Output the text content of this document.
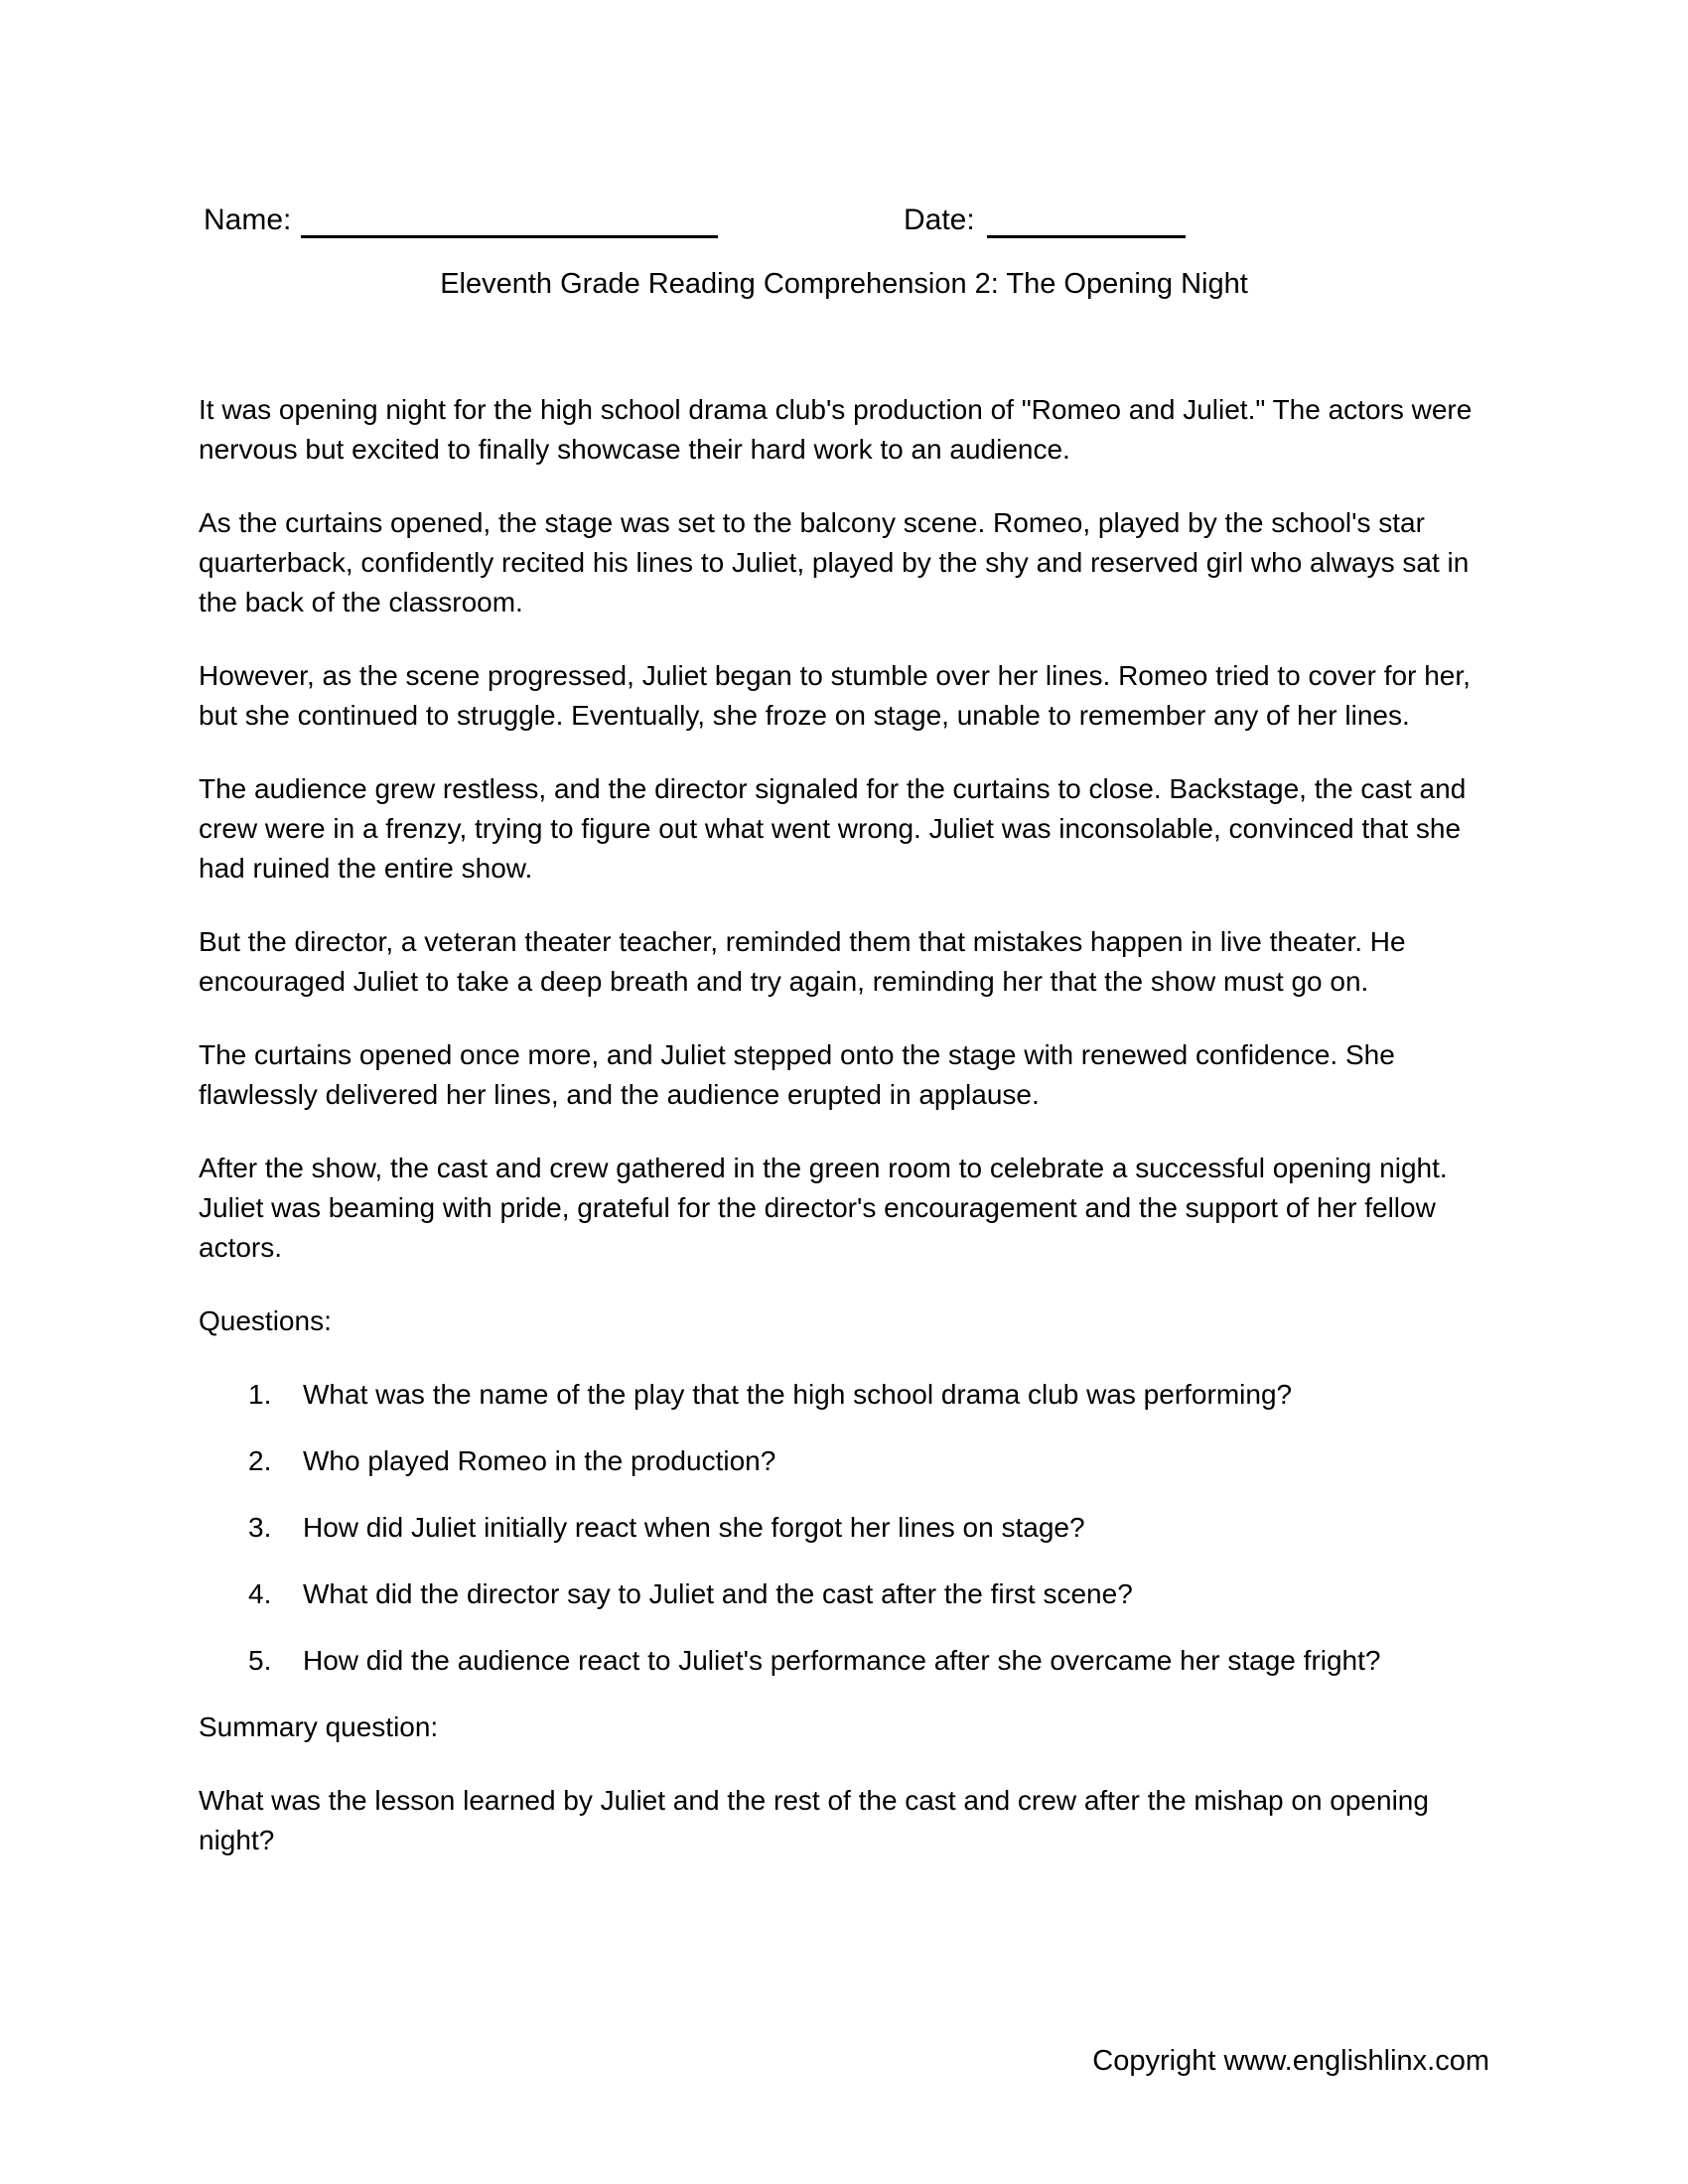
Name:	Date:
Eleventh Grade Reading Comprehension 2: The Opening Night

It was opening night for the high school drama club's production of "Romeo and Juliet." The actors were nervous but excited to finally showcase their hard work to an audience.

As the curtains opened, the stage was set to the balcony scene. Romeo, played by the school's star quarterback, confidently recited his lines to Juliet, played by the shy and reserved girl who always sat in the back of the classroom.

However, as the scene progressed, Juliet began to stumble over her lines. Romeo tried to cover for her, but she continued to struggle. Eventually, she froze on stage, unable to remember any of her lines.

The audience grew restless, and the director signaled for the curtains to close. Backstage, the cast and crew were in a frenzy, trying to figure out what went wrong. Juliet was inconsolable, convinced that she had ruined the entire show.

But the director, a veteran theater teacher, reminded them that mistakes happen in live theater. He encouraged Juliet to take a deep breath and try again, reminding her that the show must go on.

The curtains opened once more, and Juliet stepped onto the stage with renewed confidence. She flawlessly delivered her lines, and the audience erupted in applause.

After the show, the cast and crew gathered in the green room to celebrate a successful opening night. Juliet was beaming with pride, grateful for the director's encouragement and the support of her fellow actors.

Questions:

1.	What was the name of the play that the high school drama club was performing?
2.	Who played Romeo in the production?
3.	How did Juliet initially react when she forgot her lines on stage?
4.	What did the director say to Juliet and the cast after the first scene?
5.	How did the audience react to Juliet's performance after she overcame her stage fright?

Summary question:

What was the lesson learned by Juliet and the rest of the cast and crew after the mishap on opening night?

Copyright www.englishlinx.com
